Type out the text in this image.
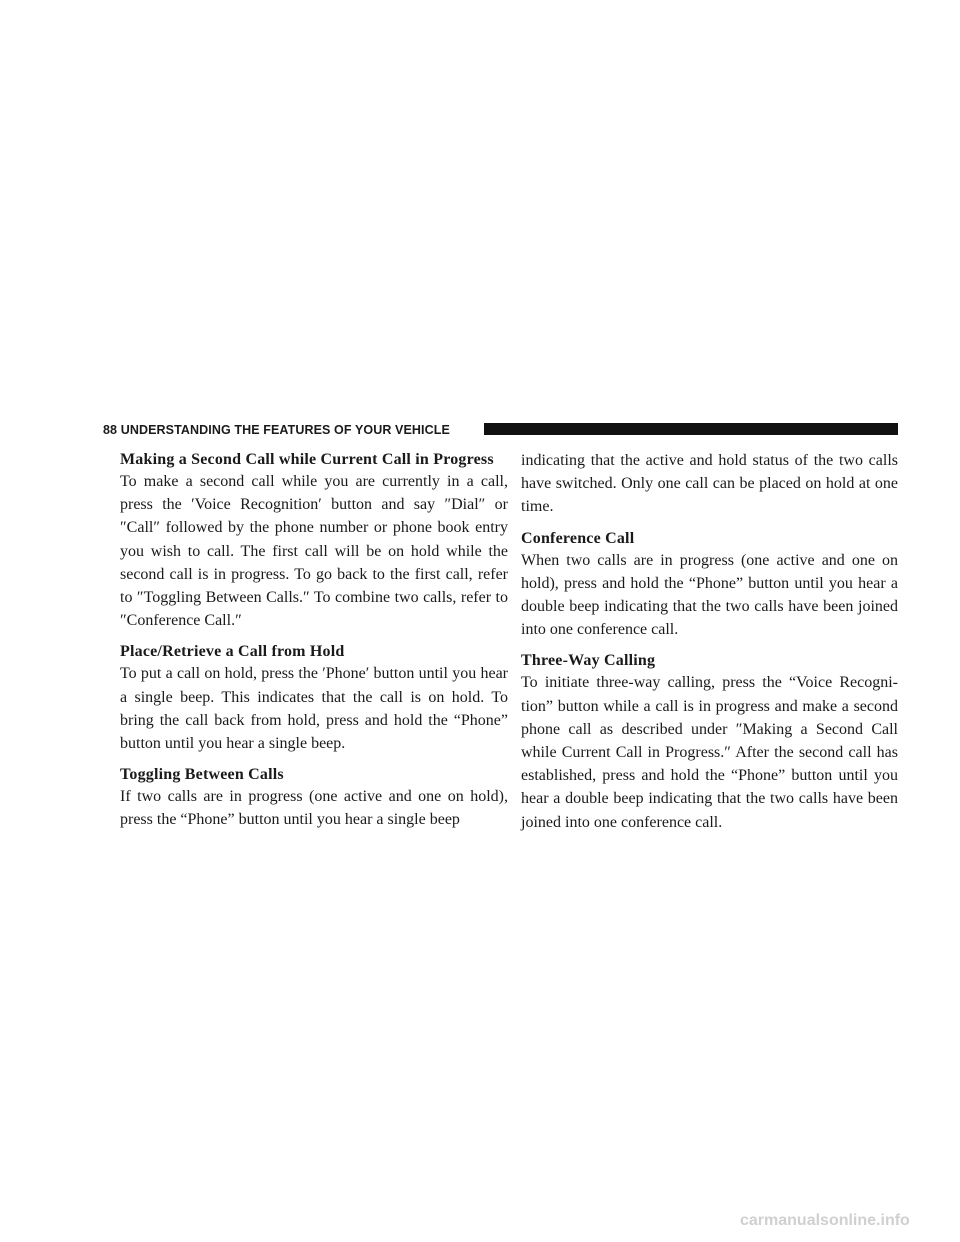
88 UNDERSTANDING THE FEATURES OF YOUR VEHICLE
Making a Second Call while Current Call in Progress

To make a second call while you are currently in a call, press the ′Voice Recognition′ button and say ″Dial″ or ″Call″ followed by the phone number or phone book entry you wish to call. The first call will be on hold while the second call is in progress. To go back to the first call, refer to ″Toggling Between Calls.″ To combine two calls, refer to ″Conference Call.″

Place/Retrieve a Call from Hold

To put a call on hold, press the ′Phone′ button until you hear a single beep. This indicates that the call is on hold. To bring the call back from hold, press and hold the “Phone” button until you hear a single beep.

Toggling Between Calls

If two calls are in progress (one active and one on hold), press the “Phone” button until you hear a single beep

indicating that the active and hold status of the two calls have switched. Only one call can be placed on hold at one time.

Conference Call

When two calls are in progress (one active and one on hold), press and hold the “Phone” button until you hear a double beep indicating that the two calls have been joined into one conference call.

Three-Way Calling

To initiate three-way calling, press the “Voice Recogni-tion” button while a call is in progress and make a second phone call as described under ″Making a Second Call while Current Call in Progress.″ After the second call has established, press and hold the “Phone” button until you hear a double beep indicating that the two calls have been joined into one conference call.

carmanualsonline.info
